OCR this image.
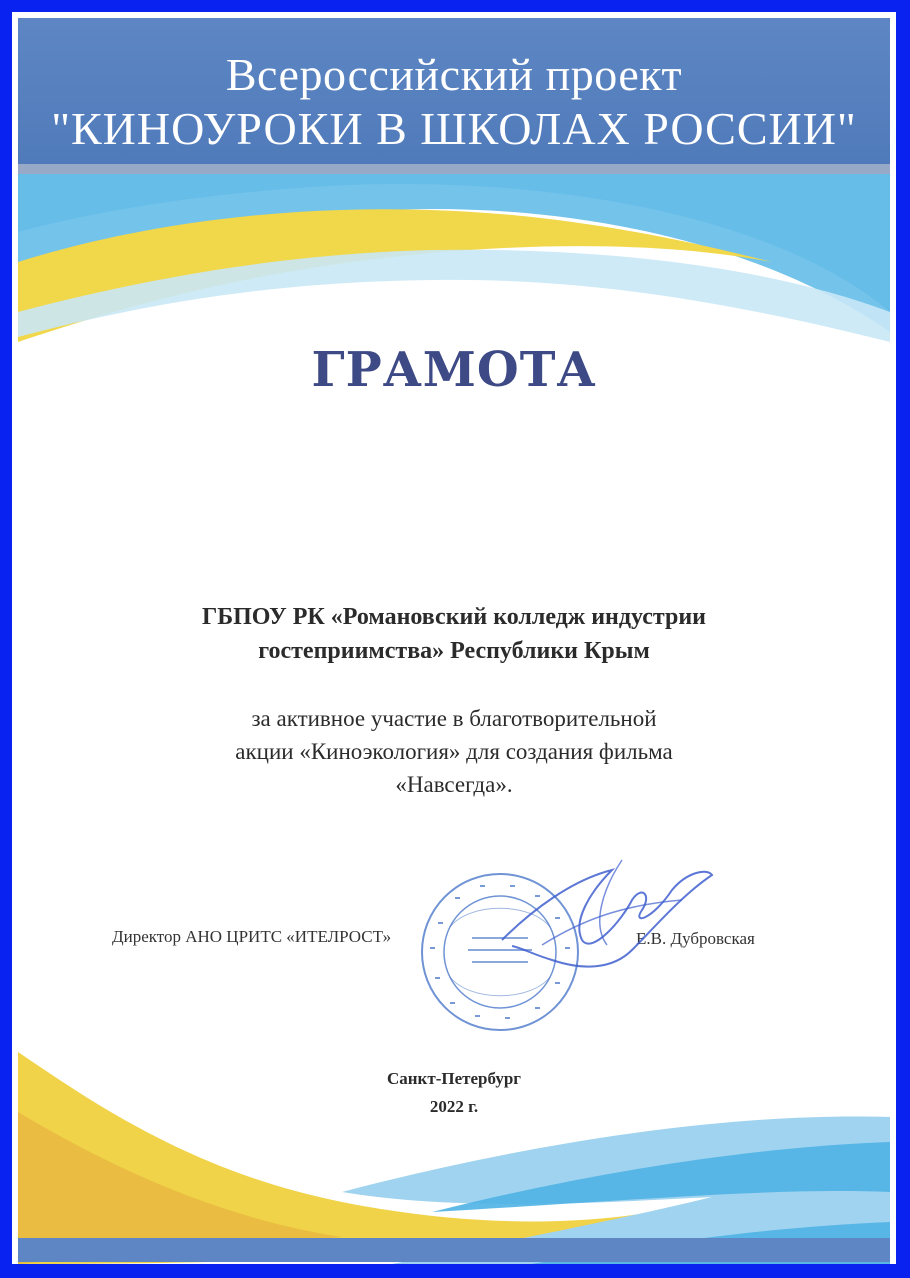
Всероссийский проект
"КИНОУРОКИ В ШКОЛАХ РОССИИ"
ГРАМОТА
ГБПОУ РК «Романовский колледж индустрии
гостеприимства» Республики Крым
за активное участие в благотворительной
акции «Киноэкология» для создания фильма
«Навсегда».
Директор АНО ЦРИТС «ИТЕЛРОСТ»	Е.В. Дубровская
Санкт-Петербург
2022 г.
